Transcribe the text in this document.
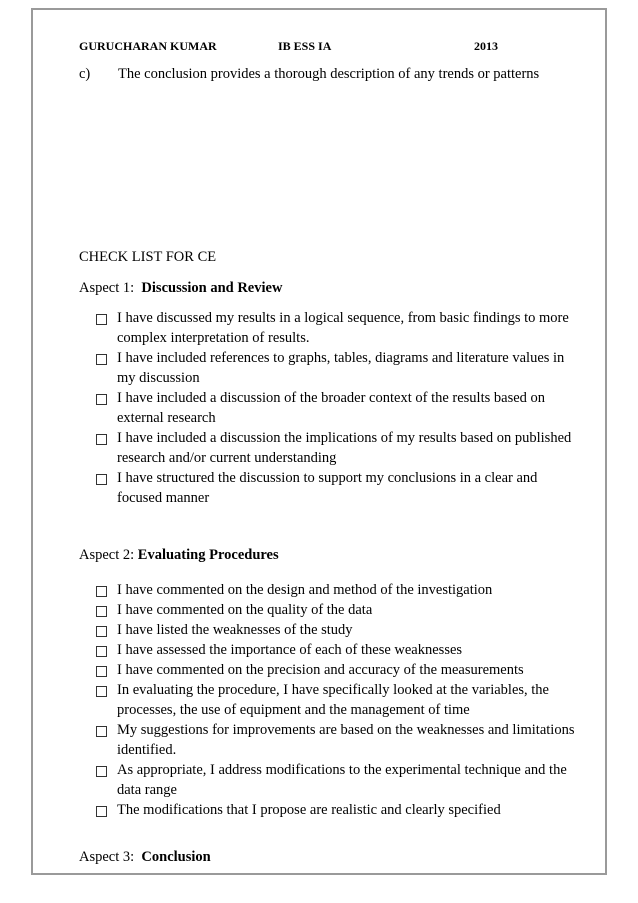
GURUCHARAN KUMAR	IB ESS IA	2013
c) The conclusion provides a thorough description of any trends or patterns
CHECK LIST FOR CE
Aspect 1: Discussion and Review
I have discussed my results in a logical sequence, from basic findings to more complex interpretation of results.
I have included references to graphs, tables, diagrams and literature values in my discussion
I have included a discussion of the broader context of the results based on external research
I have included a discussion the implications of my results based on published research and/or current understanding
I have structured the discussion to support my conclusions in a clear and focused manner
Aspect 2: Evaluating Procedures
I have commented on the design and method of the investigation
I have commented on the quality of the data
I have listed the weaknesses of the study
I have assessed the importance of each of these weaknesses
I have commented on the precision and accuracy of the measurements
In evaluating the procedure, I have specifically looked at the variables, the processes, the use of equipment and the management of time
My suggestions for improvements are based on the weaknesses and limitations identified.
As appropriate, I address modifications to the experimental technique and the data range
The modifications that I propose are realistic and clearly specified
Aspect 3: Conclusion
